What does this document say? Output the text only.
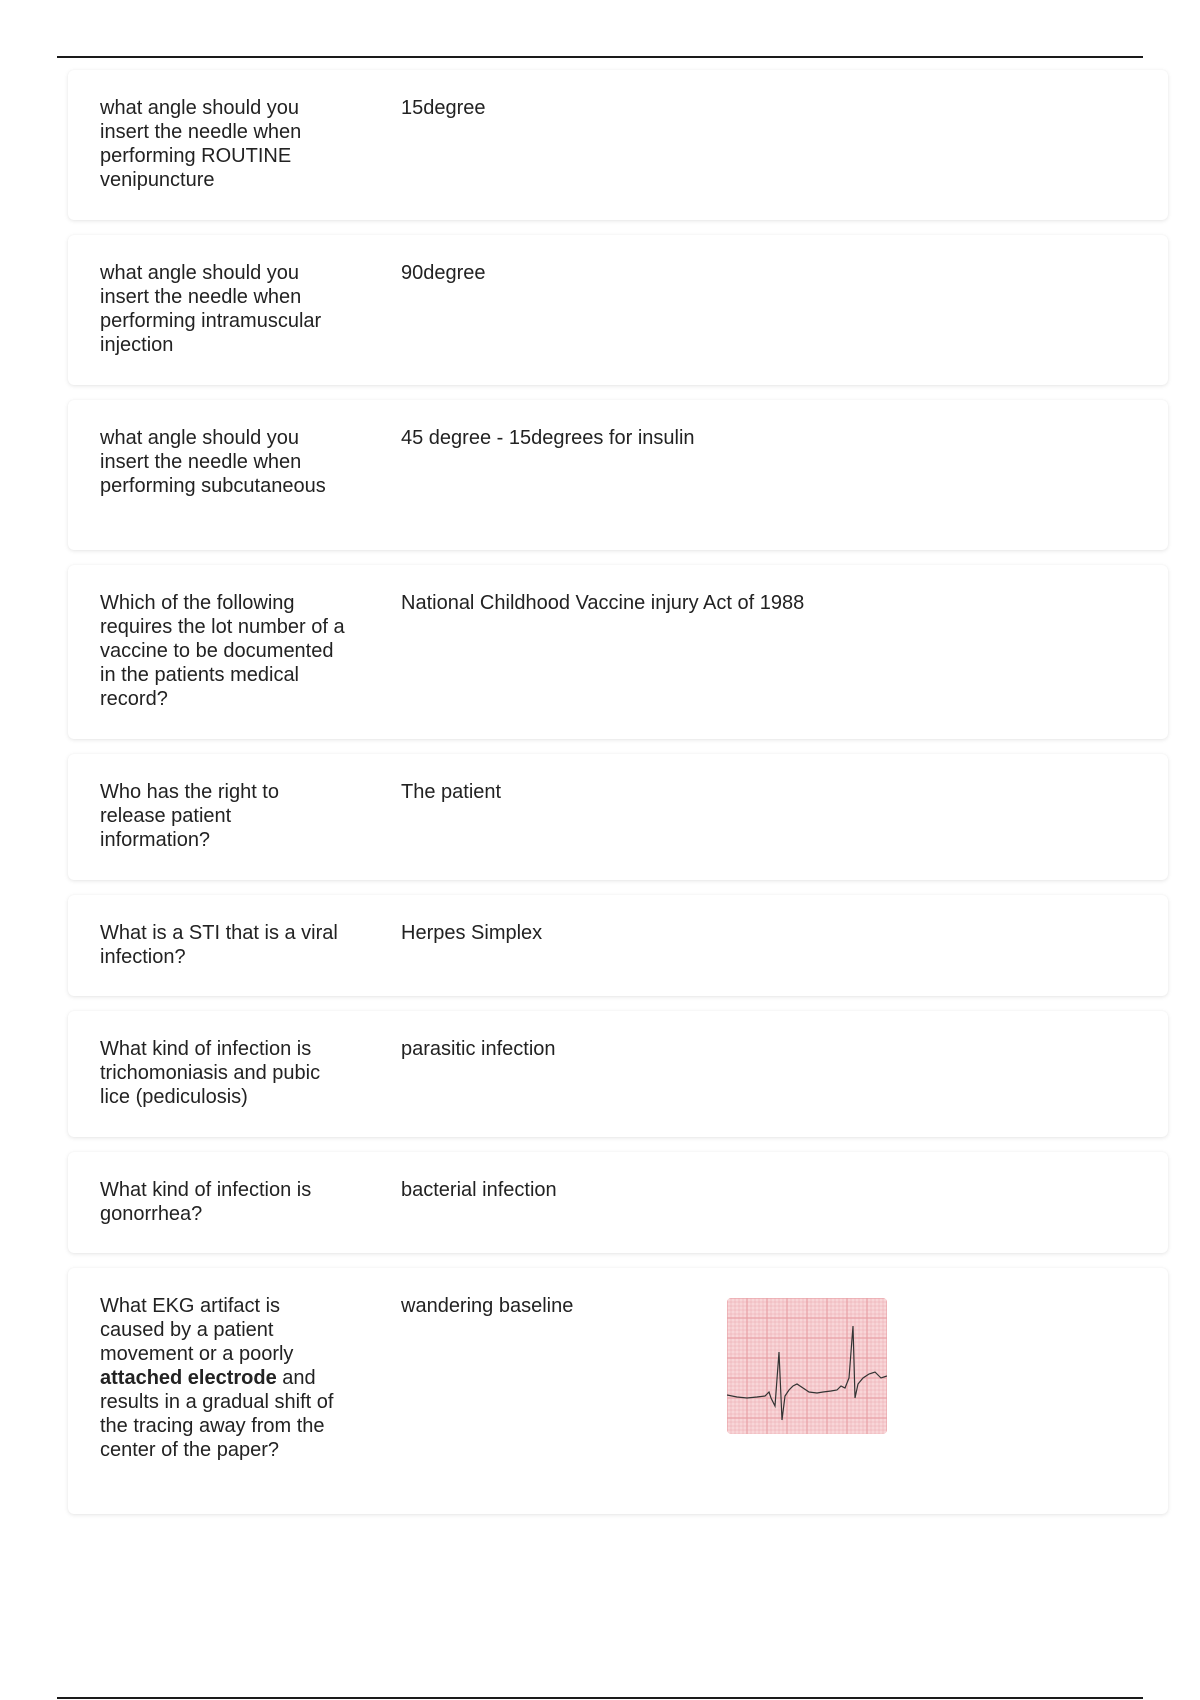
what angle should you insert the needle when performing ROUTINE venipuncture
15degree
what angle should you insert the needle when performing intramuscular injection
90degree
what angle should you insert the needle when performing subcutaneous
45 degree - 15degrees for insulin
Which of the following requires the lot number of a vaccine to be documented in the patients medical record?
National Childhood Vaccine injury Act of 1988
Who has the right to release patient information?
The patient
What is a STI that is a viral infection?
Herpes Simplex
What kind of infection is trichomoniasis and pubic lice (pediculosis)
parasitic infection
What kind of infection is gonorrhea?
bacterial infection
What EKG artifact is caused by a patient movement or a poorly attached electrode and results in a gradual shift of the tracing away from the center of the paper?
wandering baseline
